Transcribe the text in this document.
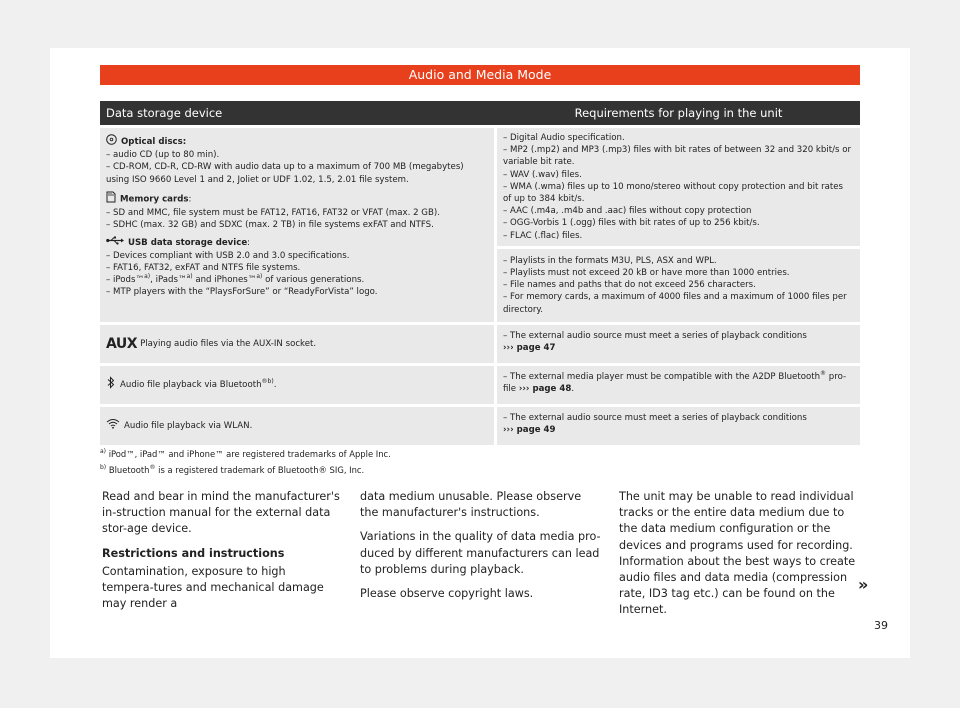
Audio and Media Mode
Data storage device	Requirements for playing in the unit
Optical discs:
– audio CD (up to 80 min).
– CD-ROM, CD-R, CD-RW with audio data up to a maximum of 700 MB (megabytes) using ISO 9660 Level 1 and 2, Joliet or UDF 1.02, 1.5, 2.01 file system.
Memory cards:
– SD and MMC, file system must be FAT12, FAT16, FAT32 or VFAT (max. 2 GB).
– SDHC (max. 32 GB) and SDXC (max. 2 TB) in file systems exFAT and NTFS.
USB data storage device:
– Devices compliant with USB 2.0 and 3.0 specifications.
– FAT16, FAT32, exFAT and NTFS file systems.
– iPods™$^{a)}$, iPads™$^{a)}$ and iPhones™$^{a)}$ of various generations.
– MTP players with the “PlaysForSure” or “ReadyForVista” logo.
– Digital Audio specification.
– MP2 (.mp2) and MP3 (.mp3) files with bit rates of between 32 and 320 kbit/s or variable bit rate.
– WAV (.wav) files.
– WMA (.wma) files up to 10 mono/stereo without copy protection and bit rates of up to 384 kbit/s.
– AAC (.m4a, .m4b and .aac) files without copy protection
– OGG-Vorbis 1 (.ogg) files with bit rates of up to 256 kbit/s.
– FLAC (.flac) files.
– Playlists in the formats M3U, PLS, ASX and WPL.
– Playlists must not exceed 20 kB or have more than 1000 entries.
– File names and paths that do not exceed 256 characters.
– For memory cards, a maximum of 4000 files and a maximum of 1000 files per directory.
AUX Playing audio files via the AUX-IN socket.
– The external audio source must meet a series of playback conditions
››› page 47
Audio file playback via Bluetooth$^{®b)}$.
– The external media player must be compatible with the A2DP Bluetooth® pro-file ››› page 48.
Audio file playback via WLAN.
– The external audio source must meet a series of playback conditions
››› page 49
$^{a)}$ iPod™, iPad™ and iPhone™ are registered trademarks of Apple Inc.
$^{b)}$ Bluetooth® is a registered trademark of Bluetooth® SIG, Inc.

Read and bear in mind the manufacturer's in-struction manual for the external data stor-age device.

Restrictions and instructions

Contamination, exposure to high tempera-tures and mechanical damage may render a

data medium unusable. Please observe the manufacturer's instructions.

Variations in the quality of data media pro-duced by different manufacturers can lead to problems during playback.

Please observe copyright laws.

The unit may be unable to read individual tracks or the entire data medium due to the data medium configuration or the devices and programs used for recording. Information about the best ways to create audio files and data media (compression rate, ID3 tag etc.) can be found on the Internet.

»
39
